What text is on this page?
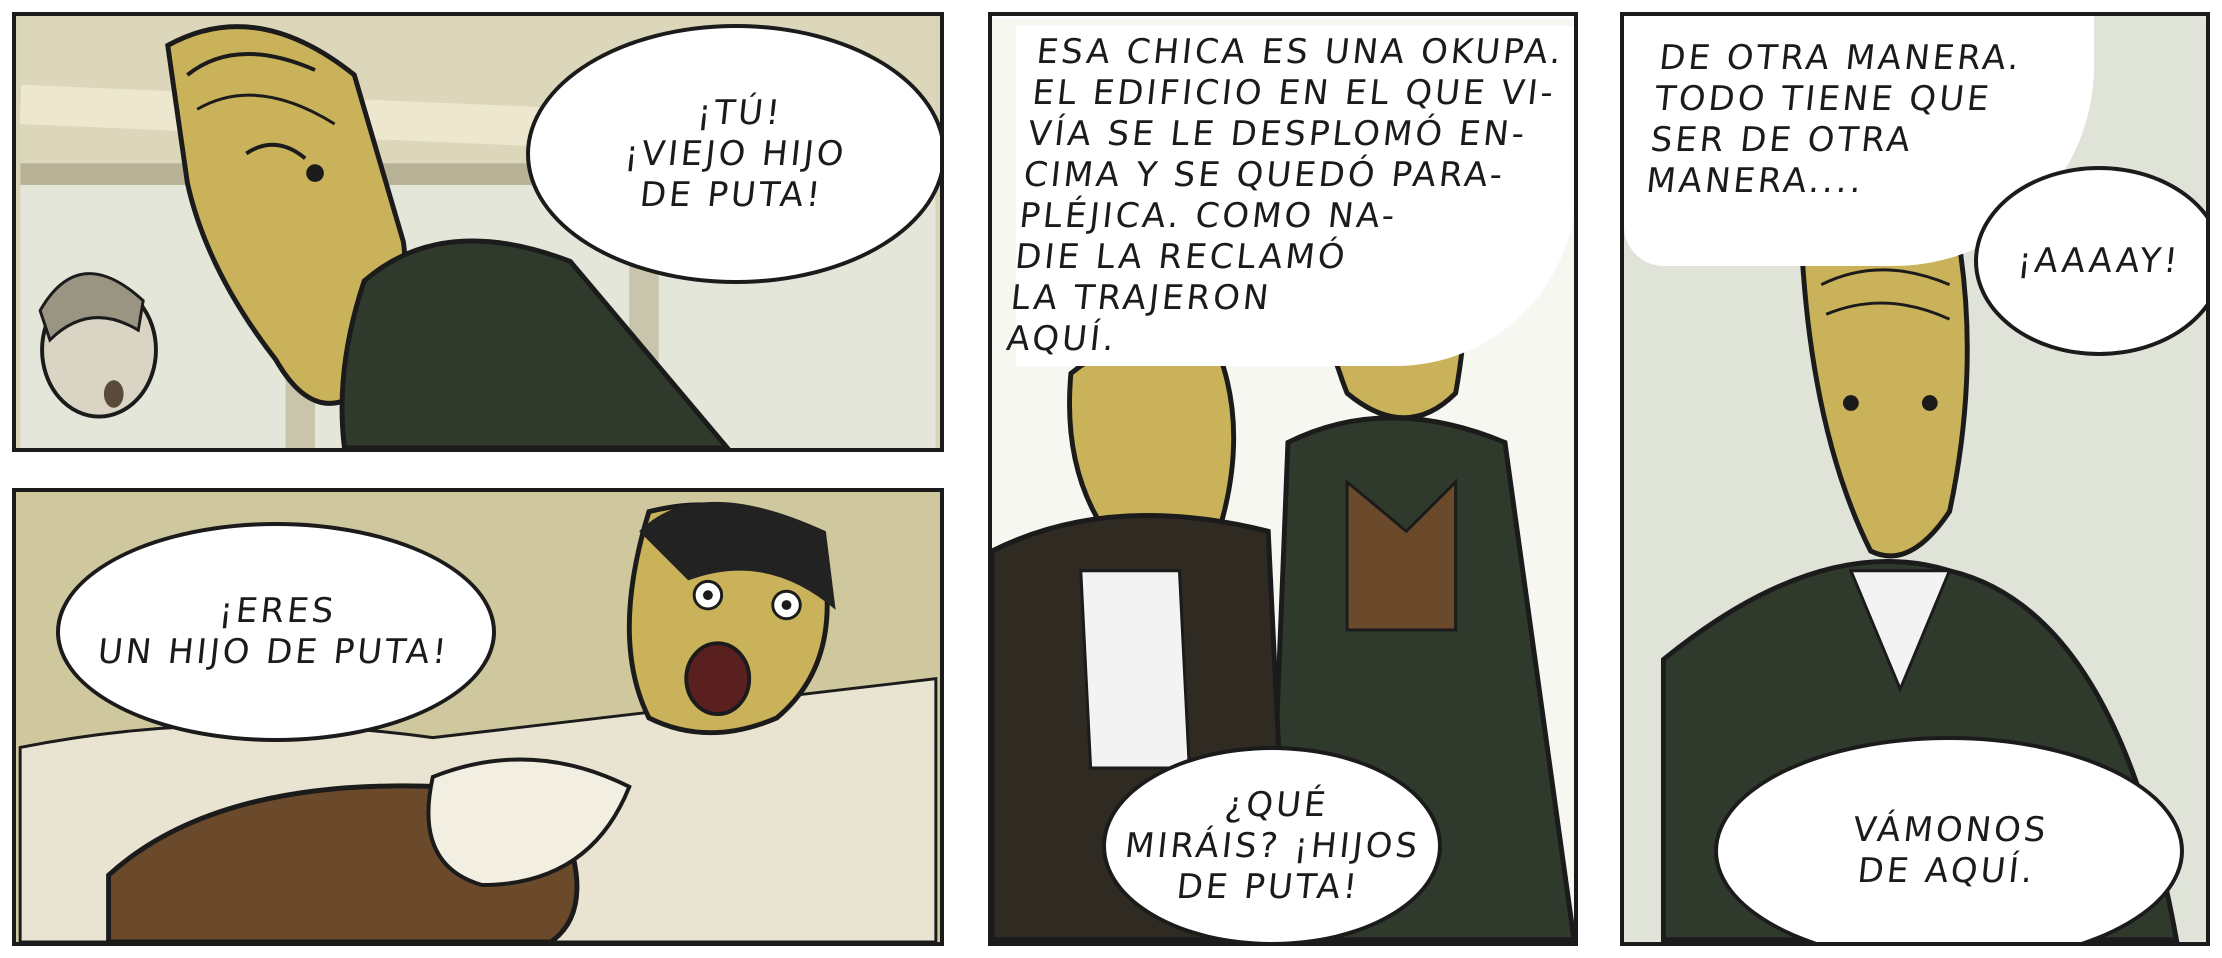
¡TÚ!
¡VIEJO HIJO
DE PUTA!
¡ERES
UN HIJO DE PUTA!
ESA CHICA ES UNA OKUPA.
EL EDIFICIO EN EL QUE VI-
VÍA SE LE DESPLOMÓ EN-
CIMA Y SE QUEDÓ PARA-
PLÉJICA. COMO NA-
DIE LA RECLAMÓ
LA TRAJERON
AQUÍ.
¿QUÉ
MIRÁIS? ¡HIJOS
DE PUTA!
DE OTRA MANERA.
TODO TIENE QUE
SER DE OTRA
MANERA....
¡AAAAY!
VÁMONOS
DE AQUÍ.
